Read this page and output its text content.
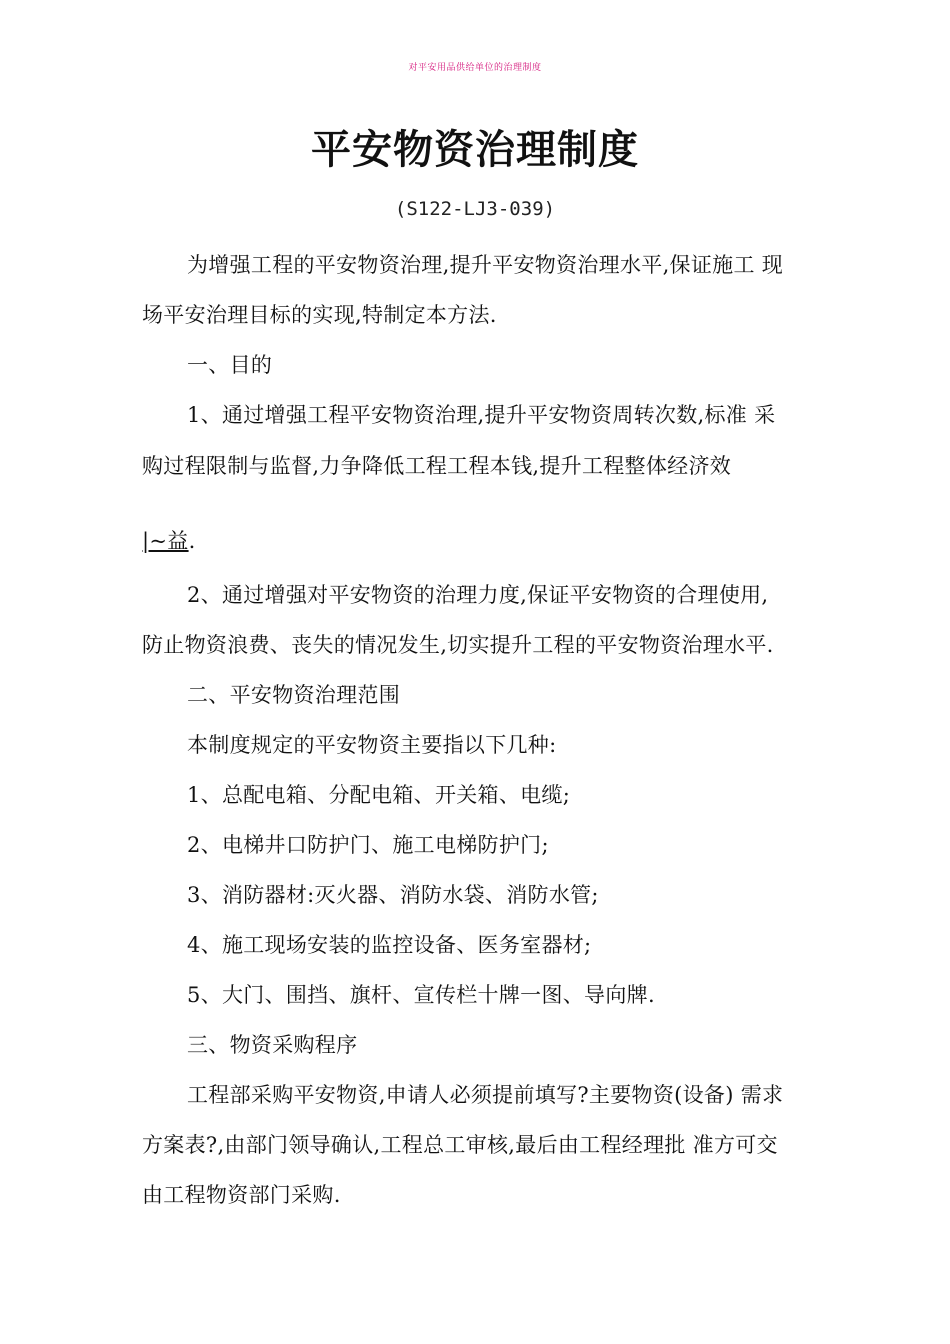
对平安用品供给单位的治理制度
平安物资治理制度
(S122-LJ3-039)
为增强工程的平安物资治理,提升平安物资治理水平,保证施工 现
场平安治理目标的实现,特制定本方法.
一、目的
1、通过增强工程平安物资治理,提升平安物资周转次数,标准 采
购过程限制与监督,力争降低工程工程本钱,提升工程整体经济效
|~益.
2、通过增强对平安物资的治理力度,保证平安物资的合理使用,
防止物资浪费、丧失的情况发生,切实提升工程的平安物资治理水平.
二、平安物资治理范围
本制度规定的平安物资主要指以下几种:
1、总配电箱、分配电箱、开关箱、电缆;
2、电梯井口防护门、施工电梯防护门;
3、消防器材:灭火器、消防水袋、消防水管;
4、施工现场安装的监控设备、医务室器材;
5、大门、围挡、旗杆、宣传栏十牌一图、导向牌.
三、物资采购程序
工程部采购平安物资,申请人必须提前填写?主要物资(设备) 需求
方案表?,由部门领导确认,工程总工审核,最后由工程经理批 准方可交
由工程物资部门采购.
